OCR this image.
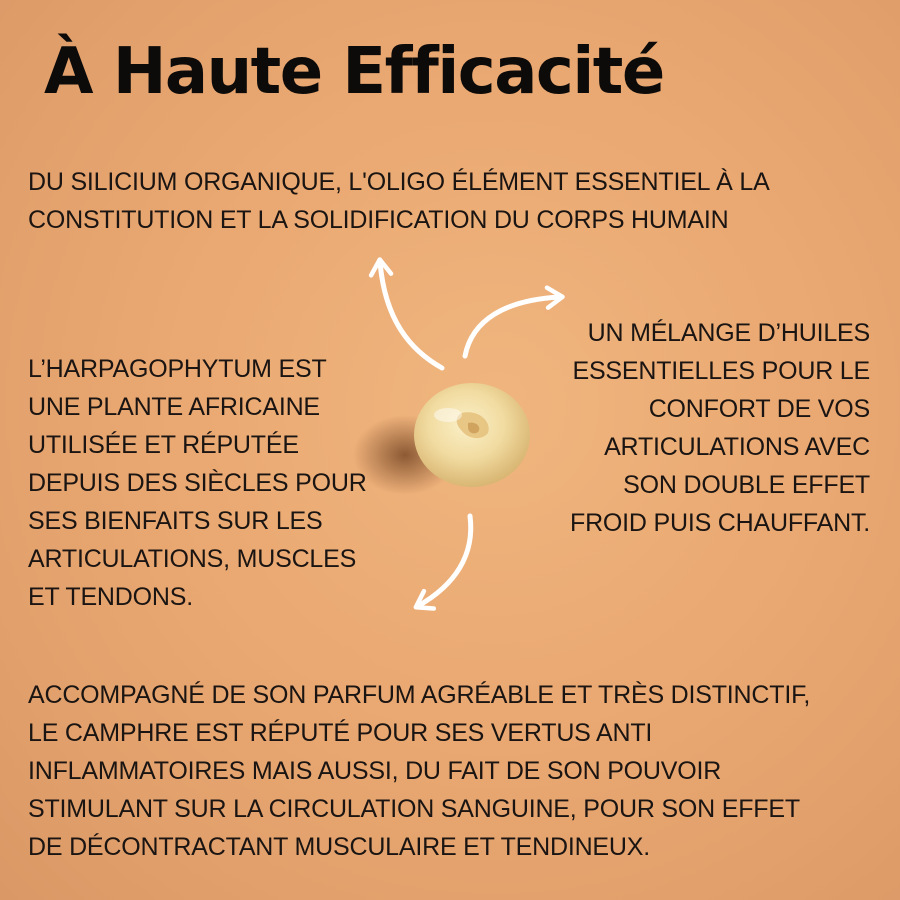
À Haute Efficacité

DU SILICIUM ORGANIQUE, L'OLIGO ÉLÉMENT ESSENTIEL À LA
CONSTITUTION ET LA SOLIDIFICATION DU CORPS HUMAIN

L’HARPAGOPHYTUM EST
UNE PLANTE AFRICAINE
UTILISÉE ET RÉPUTÉE
DEPUIS DES SIÈCLES POUR
SES BIENFAITS SUR LES
ARTICULATIONS, MUSCLES
ET TENDONS.

UN MÉLANGE D’HUILES
ESSENTIELLES POUR LE
CONFORT DE VOS
ARTICULATIONS AVEC
SON DOUBLE EFFET
FROID PUIS CHAUFFANT.

ACCOMPAGNÉ DE SON PARFUM AGRÉABLE ET TRÈS DISTINCTIF,
LE CAMPHRE EST RÉPUTÉ POUR SES VERTUS ANTI
INFLAMMATOIRES MAIS AUSSI, DU FAIT DE SON POUVOIR
STIMULANT SUR LA CIRCULATION SANGUINE, POUR SON EFFET
DE DÉCONTRACTANT MUSCULAIRE ET TENDINEUX.
